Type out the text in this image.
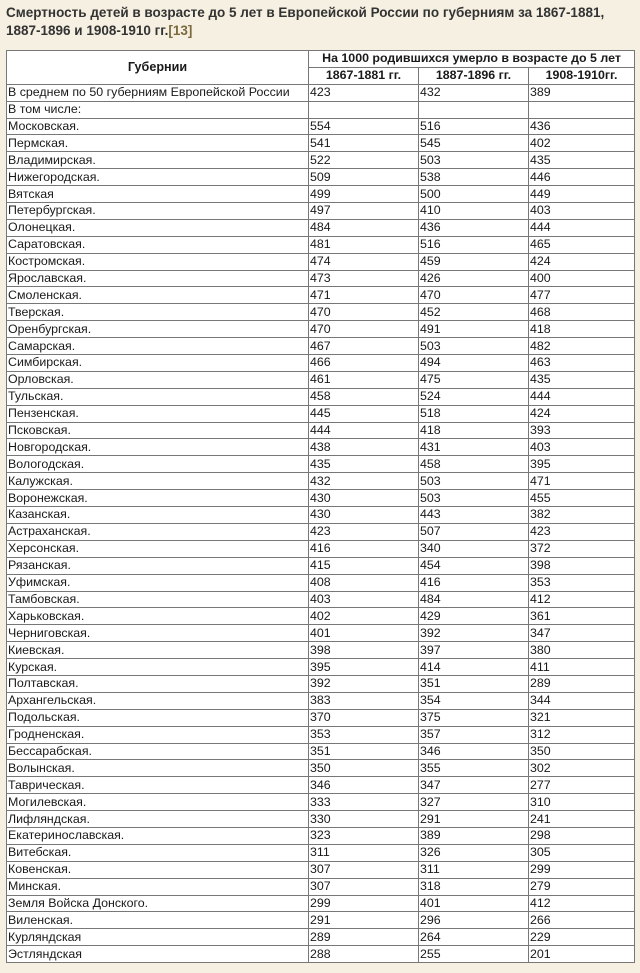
Смертность детей в возрасте до 5 лет в Европейской России по губерниям за 1867-1881,
1887-1896 и 1908-1910 гг.[13]
Губернии	На 1000 родившихся умерло в возрасте до 5 лет		
	1867-1881 гг.	1887-1896 гг.	1908-1910гг.
В среднем по 50 губерниям Европейской России	423	432	389
В том числе:			
Московская.	554	516	436
Пермская.	541	545	402
Владимирская.	522	503	435
Нижегородская.	509	538	446
Вятская	499	500	449
Петербургская.	497	410	403
Олонецкая.	484	436	444
Саратовская.	481	516	465
Костромская.	474	459	424
Ярославская.	473	426	400
Смоленская.	471	470	477
Тверская.	470	452	468
Оренбургская.	470	491	418
Самарская.	467	503	482
Симбирская.	466	494	463
Орловская.	461	475	435
Тульская.	458	524	444
Пензенская.	445	518	424
Псковская.	444	418	393
Новгородская.	438	431	403
Вологодская.	435	458	395
Калужская.	432	503	471
Воронежская.	430	503	455
Казанская.	430	443	382
Астраханская.	423	507	423
Херсонская.	416	340	372
Рязанская.	415	454	398
Уфимская.	408	416	353
Тамбовская.	403	484	412
Харьковская.	402	429	361
Черниговская.	401	392	347
Киевская.	398	397	380
Курская.	395	414	411
Полтавская.	392	351	289
Архангельская.	383	354	344
Подольская.	370	375	321
Гродненская.	353	357	312
Бессарабская.	351	346	350
Волынская.	350	355	302
Таврическая.	346	347	277
Могилевская.	333	327	310
Лифляндская.	330	291	241
Екатеринославская.	323	389	298
Витебская.	311	326	305
Ковенская.	307	311	299
Минская.	307	318	279
Земля Войска Донского.	299	401	412
Виленская.	291	296	266
Курляндская	289	264	229
Эстляндская	288	255	201
